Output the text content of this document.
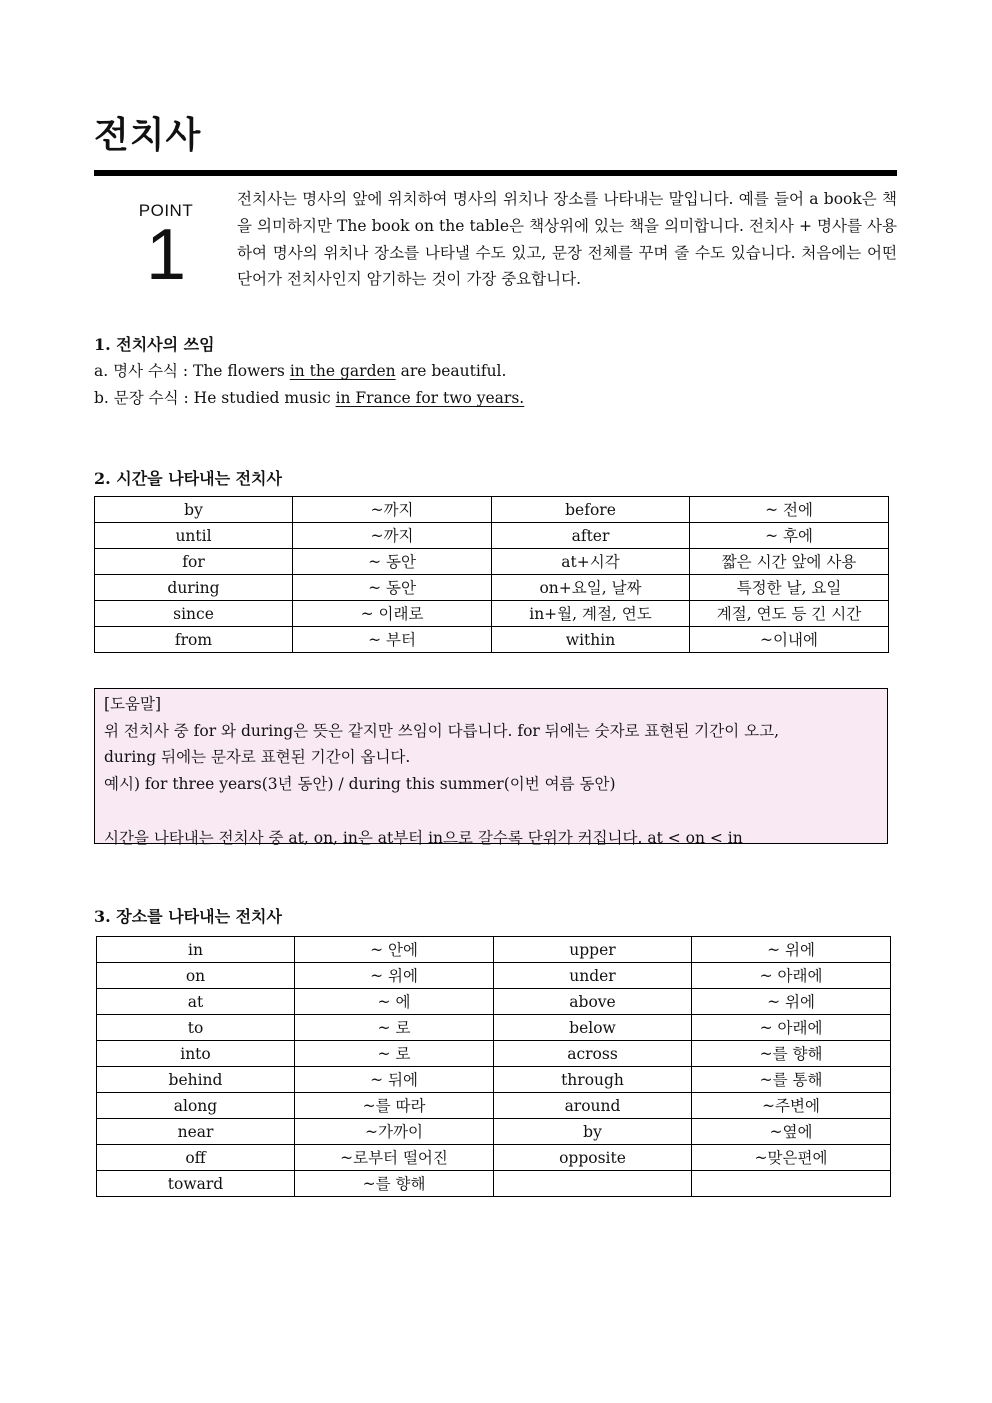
전치사
POINT
1

전치사는 명사의 앞에 위치하여 명사의 위치나 장소를 나타내는 말입니다. 예를 들어 a book은 책을 의미하지만 The book on the table은 책상위에 있는 책을 의미합니다. 전치사 + 명사를 사용하여 명사의 위치나 장소를 나타낼 수도 있고, 문장 전체를 꾸며 줄 수도 있습니다. 처음에는 어떤 단어가 전치사인지 암기하는 것이 가장 중요합니다.

1. 전치사의 쓰임
a. 명사 수식 : The flowers in the garden are beautiful.
b. 문장 수식 : He studied music in France for two years.
2. 시간을 나타내는 전치사
by	~까지	before	~ 전에
until	~까지	after	~ 후에
for	~ 동안	at+시각	짧은 시간 앞에 사용
during	~ 동안	on+요일, 날짜	특정한 날, 요일
since	~ 이래로	in+월, 계절, 연도	계절, 연도 등 긴 시간
from	~ 부터	within	~이내에
[도움말]
위 전치사 중 for 와 during은 뜻은 같지만 쓰임이 다릅니다. for 뒤에는 숫자로 표현된 기간이 오고,
during 뒤에는 문자로 표현된 기간이 옵니다.
예시) for three years(3년 동안) / during this summer(이번 여름 동안)
시간을 나타내는 전치사 중 at, on, in은 at부터 in으로 갈수록 단위가 커집니다. at < on < in
3. 장소를 나타내는 전치사
in	~ 안에	upper	~ 위에
on	~ 위에	under	~ 아래에
at	~ 에	above	~ 위에
to	~ 로	below	~ 아래에
into	~ 로	across	~를 향해
behind	~ 뒤에	through	~를 통해
along	~를 따라	around	~주변에
near	~가까이	by	~옆에
off	~로부터 떨어진	opposite	~맞은편에
toward	~를 향해		
